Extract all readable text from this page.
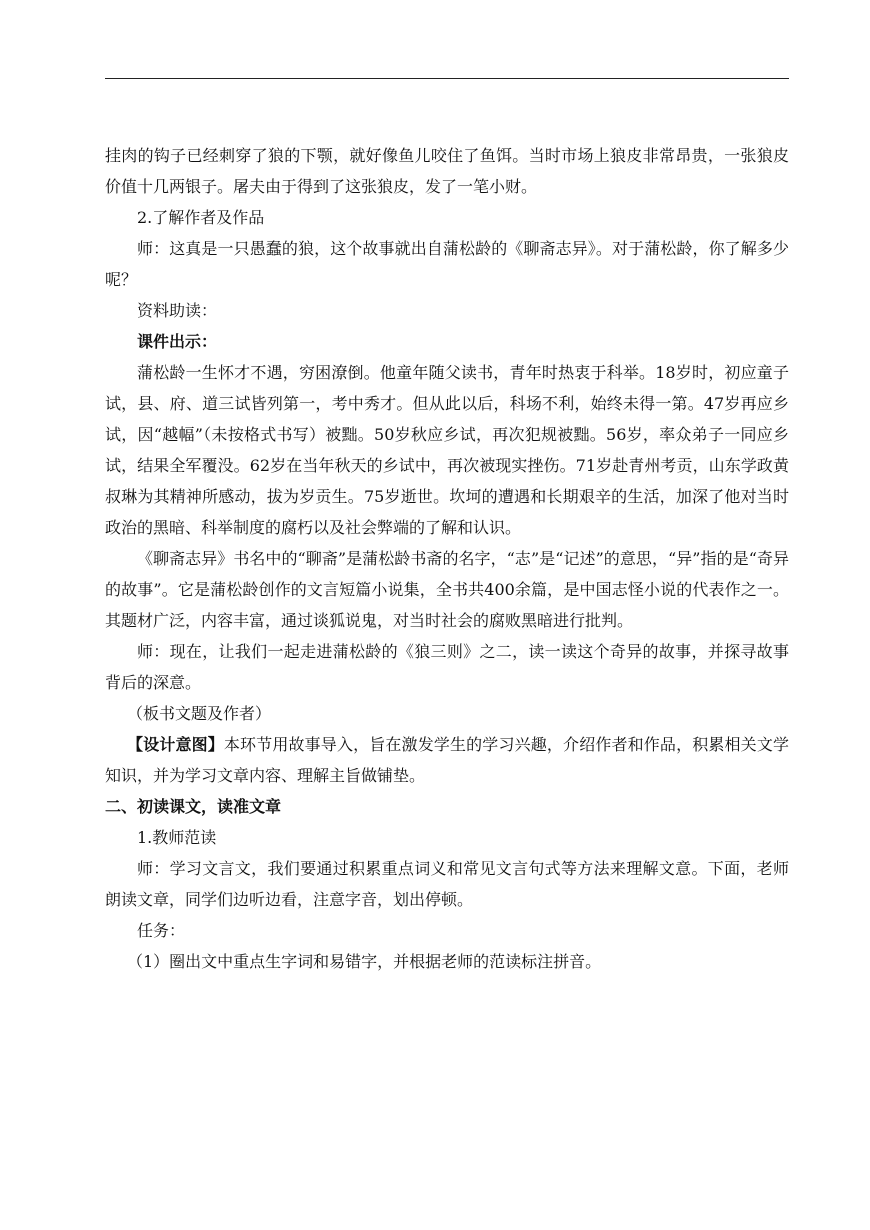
挂肉的钩子已经刺穿了狼的下颚，就好像鱼儿咬住了鱼饵。当时市场上狼皮非常昂贵，一张狼皮价值十几两银子。屠夫由于得到了这张狼皮，发了一笔小财。

2.了解作者及作品

师：这真是一只愚蠢的狼，这个故事就出自蒲松龄的《聊斋志异》。对于蒲松龄，你了解多少呢？

资料助读：

课件出示：

蒲松龄一生怀才不遇，穷困潦倒。他童年随父读书，青年时热衷于科举。18岁时，初应童子试，县、府、道三试皆列第一，考中秀才。但从此以后，科场不利，始终未得一第。47岁再应乡试，因“越幅”（未按格式书写）被黜。50岁秋应乡试，再次犯规被黜。56岁，率众弟子一同应乡试，结果全军覆没。62岁在当年秋天的乡试中，再次被现实挫伤。71岁赴青州考贡，山东学政黄叔琳为其精神所感动，拔为岁贡生。75岁逝世。坎坷的遭遇和长期艰辛的生活，加深了他对当时政治的黑暗、科举制度的腐朽以及社会弊端的了解和认识。

《聊斋志异》书名中的“聊斋”是蒲松龄书斋的名字，“志”是“记述”的意思，“异”指的是“奇异的故事”。它是蒲松龄创作的文言短篇小说集，全书共400余篇，是中国志怪小说的代表作之一。其题材广泛，内容丰富，通过谈狐说鬼，对当时社会的腐败黑暗进行批判。

师：现在，让我们一起走进蒲松龄的《狼三则》之二，读一读这个奇异的故事，并探寻故事背后的深意。

（板书文题及作者）

【设计意图】本环节用故事导入，旨在激发学生的学习兴趣，介绍作者和作品，积累相关文学知识，并为学习文章内容、理解主旨做铺垫。

二、初读课文，读准文章

1.教师范读

师：学习文言文，我们要通过积累重点词义和常见文言句式等方法来理解文意。下面，老师朗读文章，同学们边听边看，注意字音，划出停顿。

任务：

（1）圈出文中重点生字词和易错字，并根据老师的范读标注拼音。
